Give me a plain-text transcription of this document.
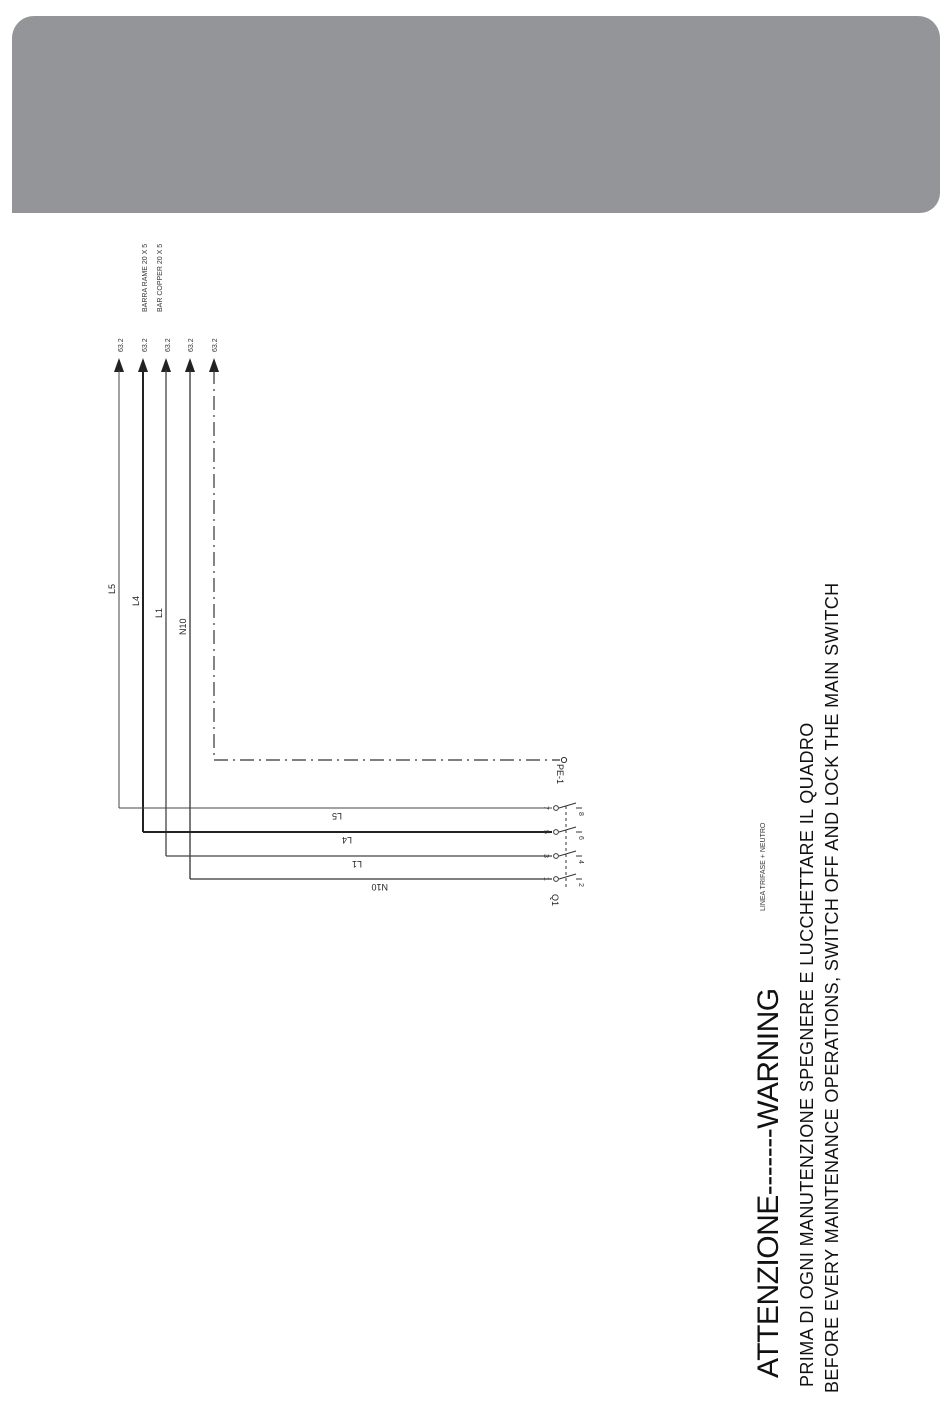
BARRA RAME 20 X 5 BAR COPPER 20 X 5
63.2 63.2 63.2 63.2 63.2
L5
L4
L1
N10
L5
L4
L1
N10
7
5
3
1
8
6
4
2
Q1
PE-1
LINEA TRIFASE + NEUTRO
ATTENZIONE-------WARNING PRIMA DI OGNI MANUTENZIONE SPEGNERE E LUCCHETTARE IL QUADRO BEFORE EVERY MAINTENANCE OPERATIONS, SWITCH OFF AND LOCK THE MAIN SWITCH
